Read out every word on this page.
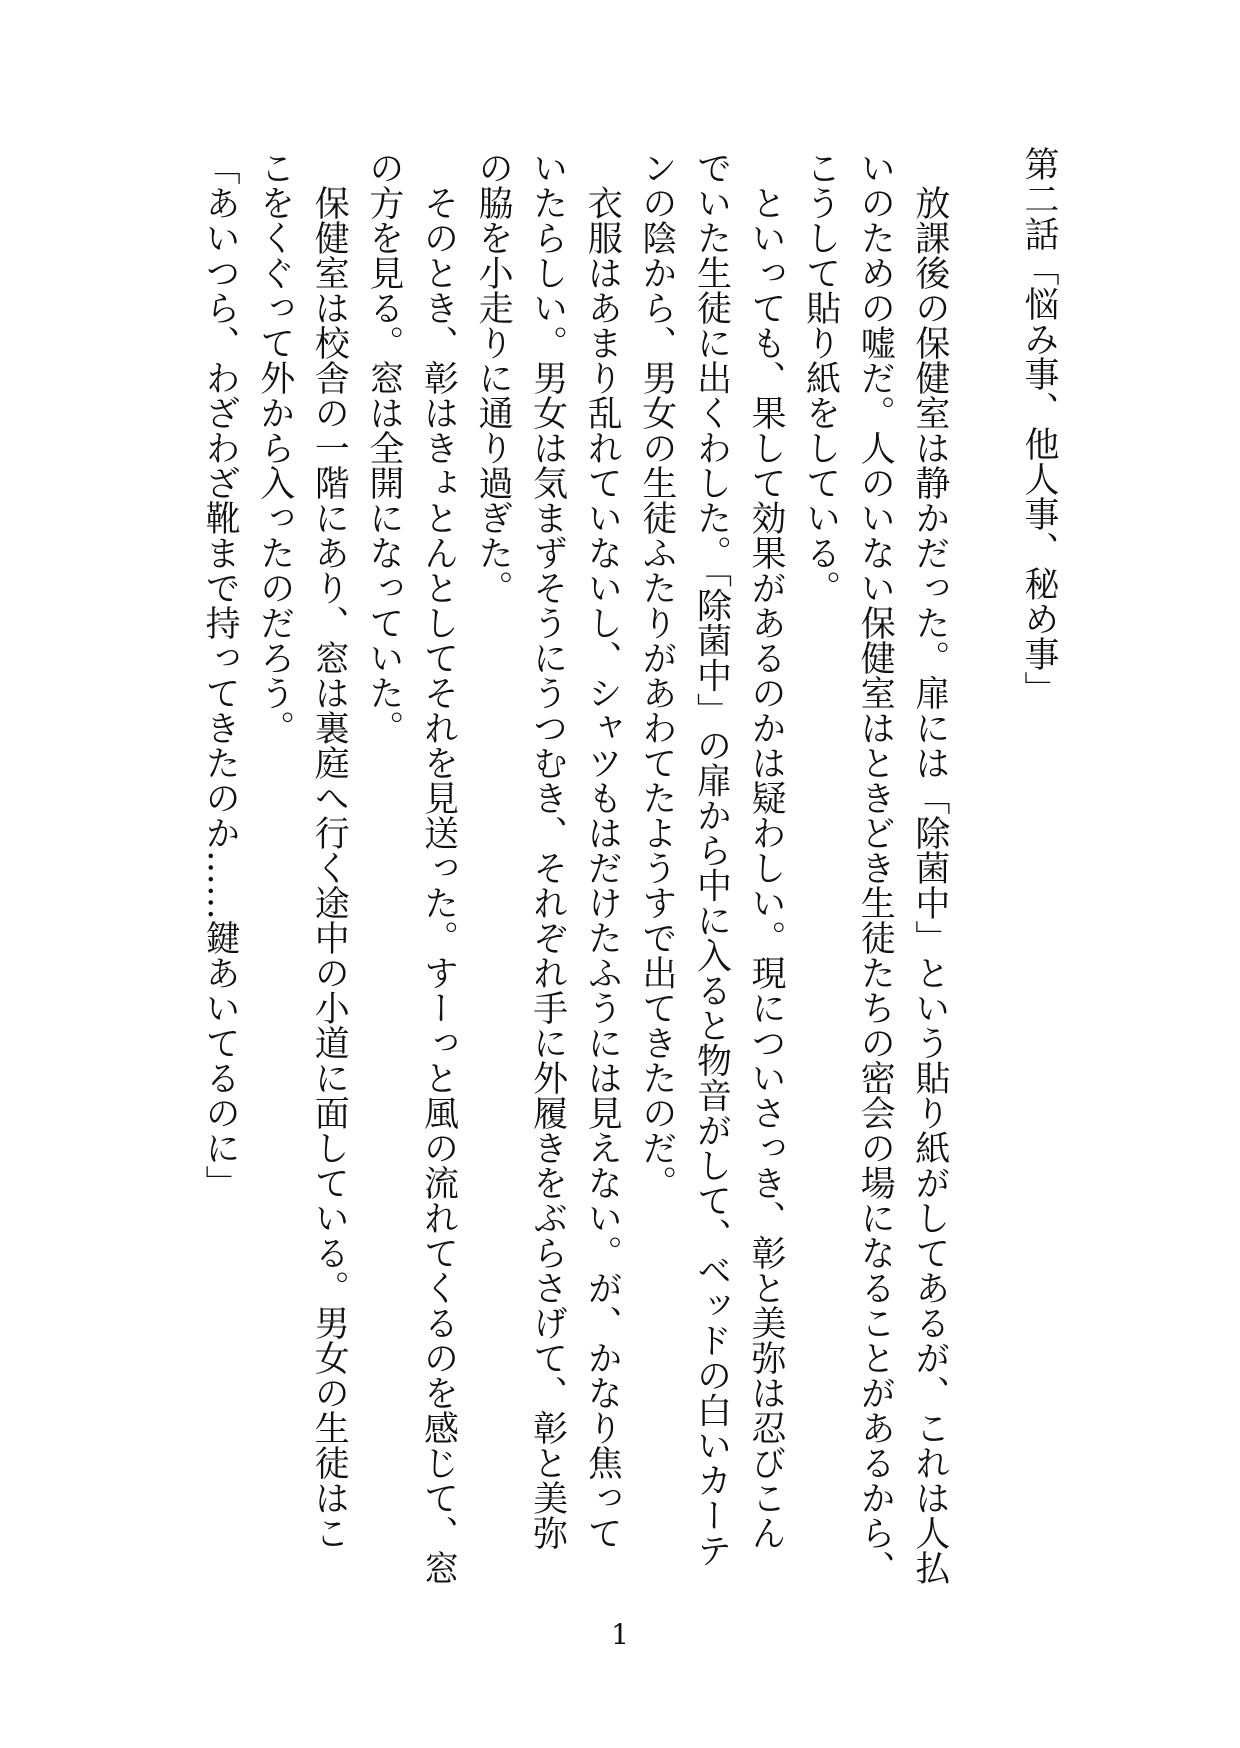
第二話「悩み事、他人事、秘め事」
　放課後の保健室は静かだった。扉には「除菌中」という貼り紙がしてあるが、これは人払
いのための嘘だ。人のいない保健室はときどき生徒たちの密会の場になることがあるから、
こうして貼り紙をしている。
　といっても、果して効果があるのかは疑わしい。現についさっき、彰と美弥は忍びこん
でいた生徒に出くわした。「除菌中」の扉から中に入ると物音がして、ベッドの白いカーテ
ンの陰から、男女の生徒ふたりがあわてたようすで出てきたのだ。
　衣服はあまり乱れていないし、シャツもはだけたふうには見えない。が、かなり焦って
いたらしい。男女は気まずそうにうつむき、それぞれ手に外履きをぶらさげて、彰と美弥
の脇を小走りに通り過ぎた。
　そのとき、彰はきょとんとしてそれを見送った。すーっと風の流れてくるのを感じて、窓
の方を見る。窓は全開になっていた。
　保健室は校舎の一階にあり、窓は裏庭へ行く途中の小道に面している。男女の生徒はこ
こをくぐって外から入ったのだろう。
「あいつら、わざわざ靴まで持ってきたのか……鍵あいてるのに」
1
